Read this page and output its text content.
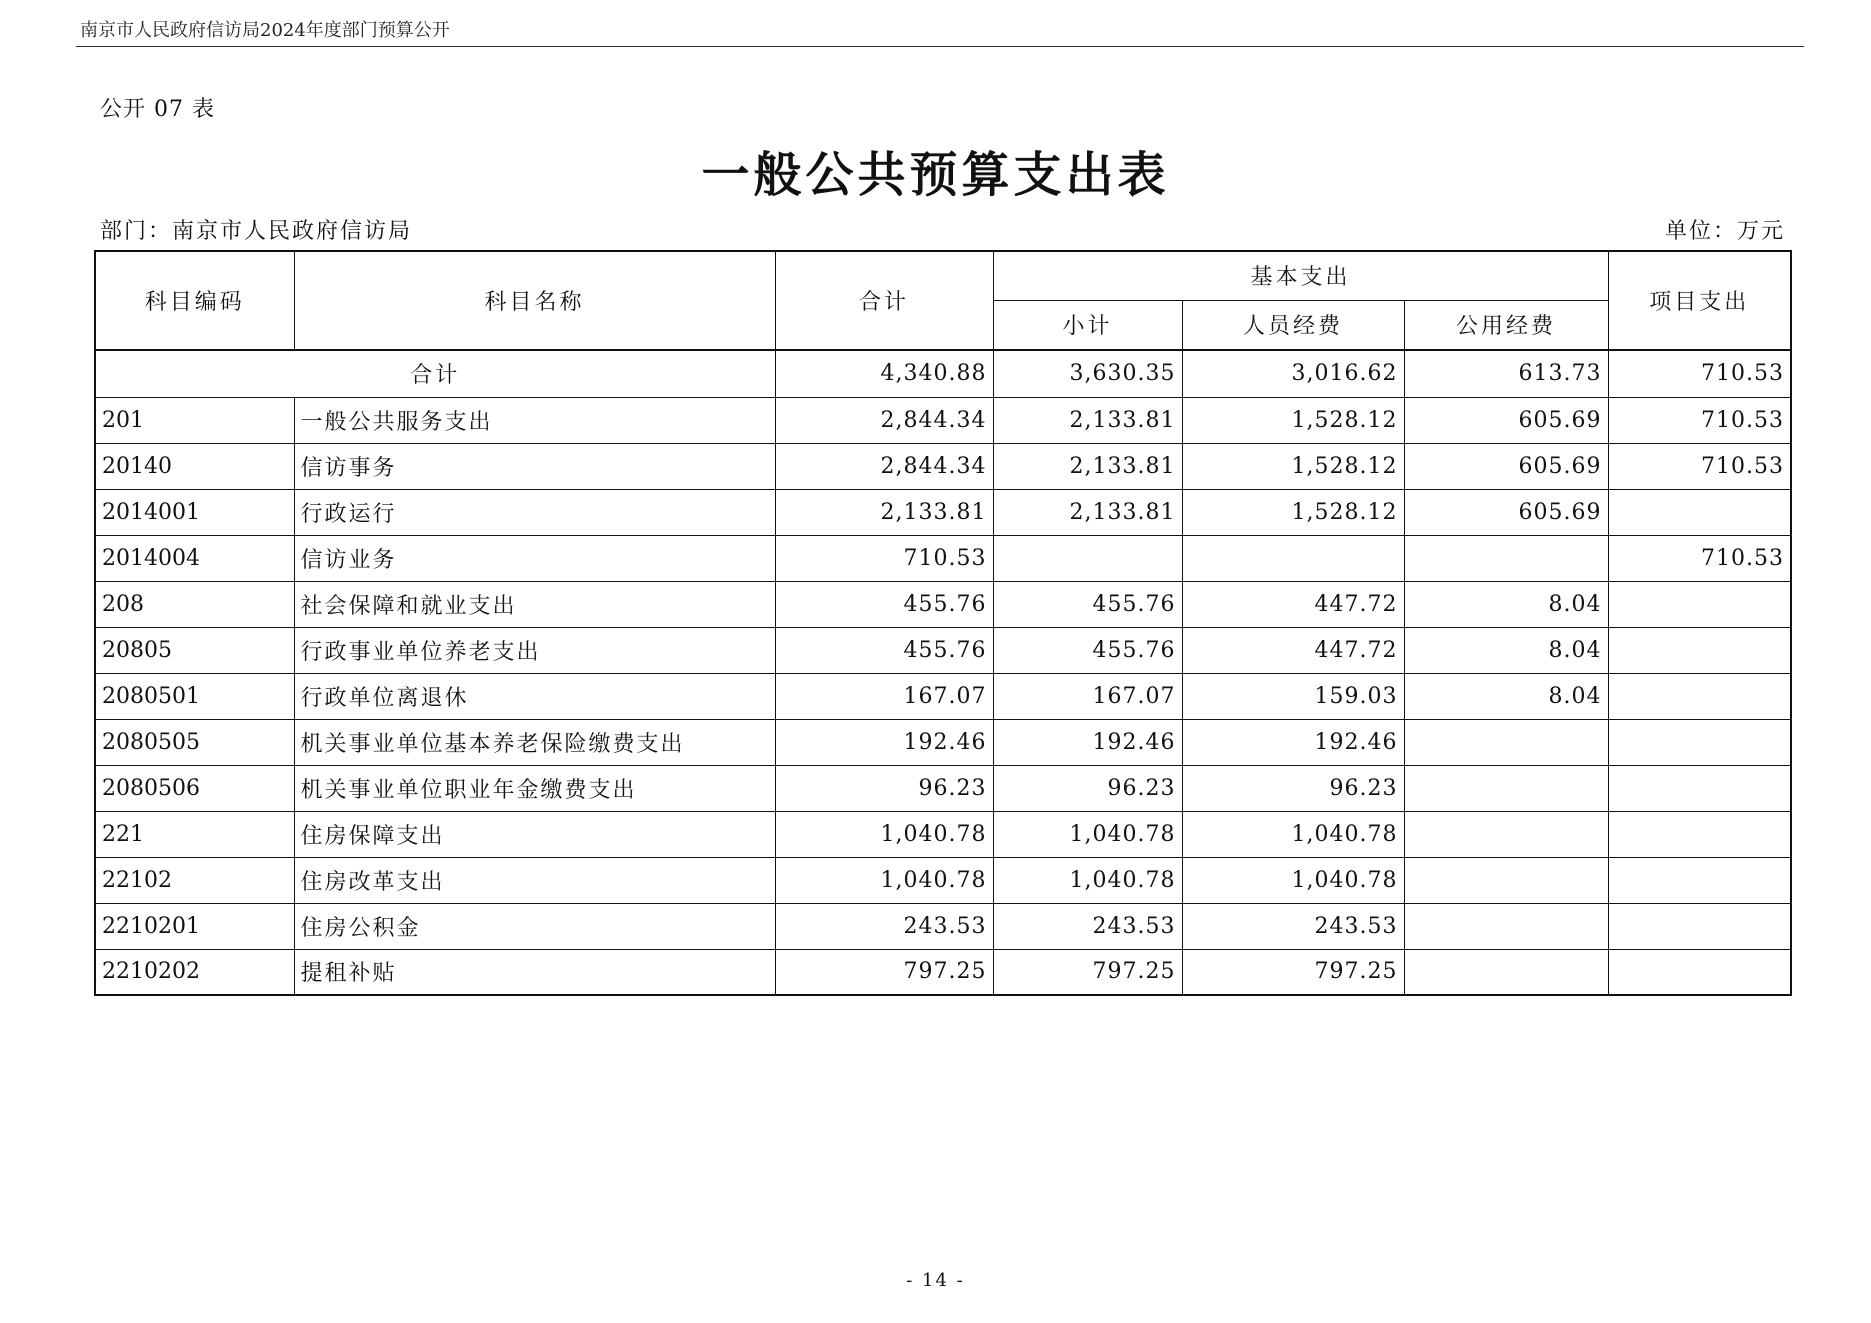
南京市人民政府信访局2024年度部门预算公开
公开 07 表
一般公共预算支出表
部门：南京市人民政府信访局	单位：万元
科目编码	科目名称	合计	基本支出			项目支出
			小计	人员经费	公用经费	
合计		4,340.88	3,630.35	3,016.62	613.73	710.53
201	一般公共服务支出	2,844.34	2,133.81	1,528.12	605.69	710.53
20140	信访事务	2,844.34	2,133.81	1,528.12	605.69	710.53
2014001	行政运行	2,133.81	2,133.81	1,528.12	605.69	
2014004	信访业务	710.53				710.53
208	社会保障和就业支出	455.76	455.76	447.72	8.04	
20805	行政事业单位养老支出	455.76	455.76	447.72	8.04	
2080501	行政单位离退休	167.07	167.07	159.03	8.04	
2080505	机关事业单位基本养老保险缴费支出	192.46	192.46	192.46		
2080506	机关事业单位职业年金缴费支出	96.23	96.23	96.23		
221	住房保障支出	1,040.78	1,040.78	1,040.78		
22102	住房改革支出	1,040.78	1,040.78	1,040.78		
2210201	住房公积金	243.53	243.53	243.53		
2210202	提租补贴	797.25	797.25	797.25		
- 14 -
